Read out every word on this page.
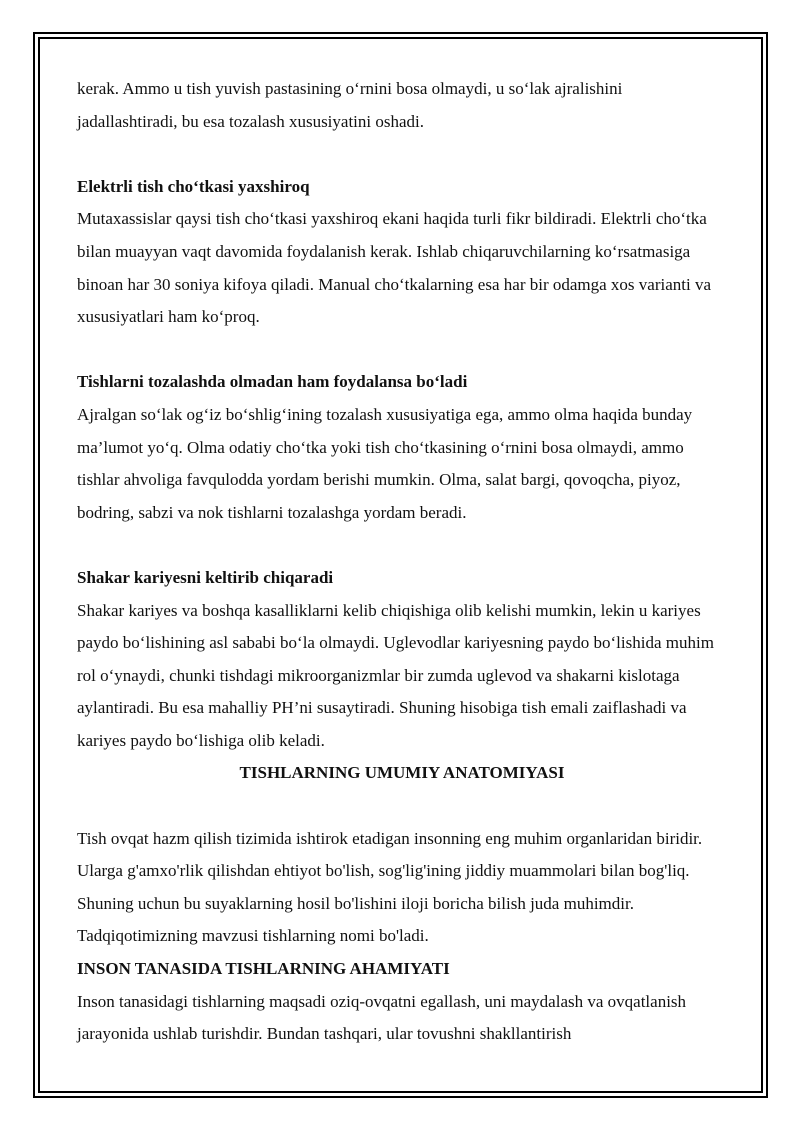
kerak. Ammo u tish yuvish pastasining o‘rnini bosa olmaydi, u so‘lak ajralishini jadallashtiradi, bu esa tozalash xususiyatini oshadi.

Elektrli tish cho‘tkasi yaxshiroq

Mutaxassislar qaysi tish cho‘tkasi yaxshiroq ekani haqida turli fikr bildiradi. Elektrli cho‘tka bilan muayyan vaqt davomida foydalanish kerak. Ishlab chiqaruvchilarning ko‘rsatmasiga binoan har 30 soniya kifoya qiladi. Manual cho‘tkalarning esa har bir odamga xos varianti va xususiyatlari ham ko‘proq.

Tishlarni tozalashda olmadan ham foydalansa bo‘ladi

Ajralgan so‘lak og‘iz bo‘shlig‘ining tozalash xususiyatiga ega, ammo olma haqida bunday ma’lumot yo‘q. Olma odatiy cho‘tka yoki tish cho‘tkasining o‘rnini bosa olmaydi, ammo tishlar ahvoliga favqulodda yordam berishi mumkin. Olma, salat bargi, qovoqcha, piyoz, bodring, sabzi va nok tishlarni tozalashga yordam beradi.

Shakar kariyesni keltirib chiqaradi

Shakar kariyes va boshqa kasalliklarni kelib chiqishiga olib kelishi mumkin, lekin u kariyes paydo bo‘lishining asl sababi bo‘la olmaydi. Uglevodlar kariyesning paydo bo‘lishida muhim rol o‘ynaydi, chunki tishdagi mikroorganizmlar bir zumda uglevod va shakarni kislotaga aylantiradi. Bu esa mahalliy PH’ni susaytiradi. Shuning hisobiga tish emali zaiflashadi va kariyes paydo bo‘lishiga olib keladi.

TISHLARNING UMUMIY ANATOMIYASI

Tish ovqat hazm qilish tizimida ishtirok etadigan insonning eng muhim organlaridan biridir. Ularga g'amxo'rlik qilishdan ehtiyot bo'lish, sog'lig'ining jiddiy muammolari bilan bog'liq. Shuning uchun bu suyaklarning hosil bo'lishini iloji boricha bilish juda muhimdir. Tadqiqotimizning mavzusi tishlarning nomi bo'ladi.

INSON TANASIDA TISHLARNING AHAMIYATI

Inson tanasidagi tishlarning maqsadi oziq-ovqatni egallash, uni maydalash va ovqatlanish jarayonida ushlab turishdir. Bundan tashqari, ular tovushni shakllantirish
